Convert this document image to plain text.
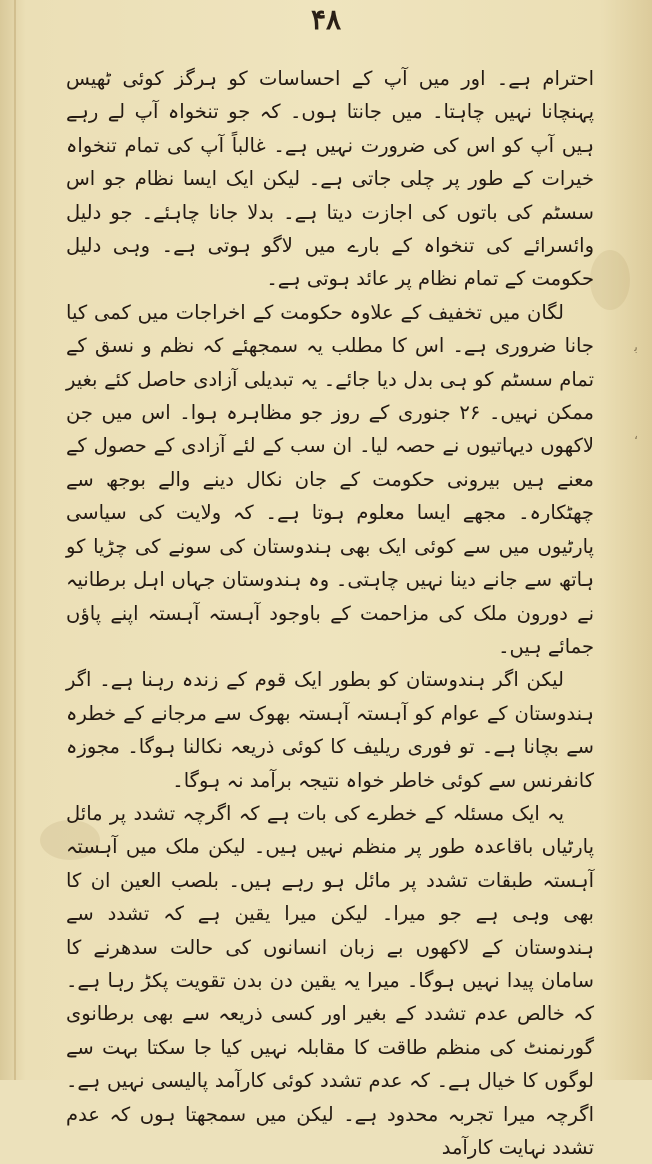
۴۸
ﺑ
،

احترام ہے۔ اور میں آپ کے احساسات کو ہرگز کوئی ٹھیس پہنچانا نہیں چاہتا۔ میں جانتا ہوں۔ کہ جو تنخواہ آپ لے رہے ہیں آپ کو اس کی ضرورت نہیں ہے۔ غالباً آپ کی تمام تنخواہ خیرات کے طور پر چلی جاتی ہے۔ لیکن ایک ایسا نظام جو اس سسٹم کی باتوں کی اجازت دیتا ہے۔ بدلا جانا چاہئے۔ جو دلیل وائسرائے کی تنخواہ کے بارے میں لاگو ہوتی ہے۔ وہی دلیل حکومت کے تمام نظام پر عائد ہوتی ہے۔

لگان میں تخفیف کے علاوہ حکومت کے اخراجات میں کمی کیا جانا ضروری ہے۔ اس کا مطلب یہ سمجھئے کہ نظم و نسق کے تمام سسٹم کو ہی بدل دیا جائے۔ یہ تبدیلی آزادی حاصل کئے بغیر ممکن نہیں۔ ۲۶ جنوری کے روز جو مظاہرہ ہوا۔ اس میں جن لاکھوں دیہاتیوں نے حصہ لیا۔ ان سب کے لئے آزادی کے حصول کے معنے ہیں بیرونی حکومت کے جان نکال دینے والے بوجھ سے چھٹکارہ۔ مجھے ایسا معلوم ہوتا ہے۔ کہ ولایت کی سیاسی پارٹیوں میں سے کوئی ایک بھی ہندوستان کی سونے کی چڑیا کو ہاتھ سے جانے دینا نہیں چاہتی۔ وہ ہندوستان جہاں اہل برطانیہ نے دورون ملک کی مزاحمت کے باوجود آہستہ آہستہ اپنے پاؤں جمائے ہیں۔

لیکن اگر ہندوستان کو بطور ایک قوم کے زندہ رہنا ہے۔ اگر ہندوستان کے عوام کو آہستہ آہستہ بھوک سے مرجانے کے خطرہ سے بچانا ہے۔ تو فوری ریلیف کا کوئی ذریعہ نکالنا ہوگا۔ مجوزہ کانفرنس سے کوئی خاطر خواہ نتیجہ برآمد نہ ہوگا۔

یہ ایک مسئلہ کے خطرے کی بات ہے کہ اگرچہ تشدد پر مائل پارٹیاں باقاعدہ طور پر منظم نہیں ہیں۔ لیکن ملک میں آہستہ آہستہ طبقات تشدد پر مائل ہو رہے ہیں۔ بلصب العین ان کا بھی وہی ہے جو میرا۔ لیکن میرا یقین ہے کہ تشدد سے ہندوستان کے لاکھوں بے زبان انسانوں کی حالت سدھرنے کا سامان پیدا نہیں ہوگا۔ میرا یہ یقین دن بدن تقویت پکڑ رہا ہے۔ کہ خالص عدم تشدد کے بغیر اور کسی ذریعہ سے بھی برطانوی گورنمنٹ کی منظم طاقت کا مقابلہ نہیں کیا جا سکتا بہت سے لوگوں کا خیال ہے۔ کہ عدم تشدد کوئی کارآمد پالیسی نہیں ہے۔ اگرچہ میرا تجربہ محدود ہے۔ لیکن میں سمجھتا ہوں کہ عدم تشدد نہایت کارآمد
